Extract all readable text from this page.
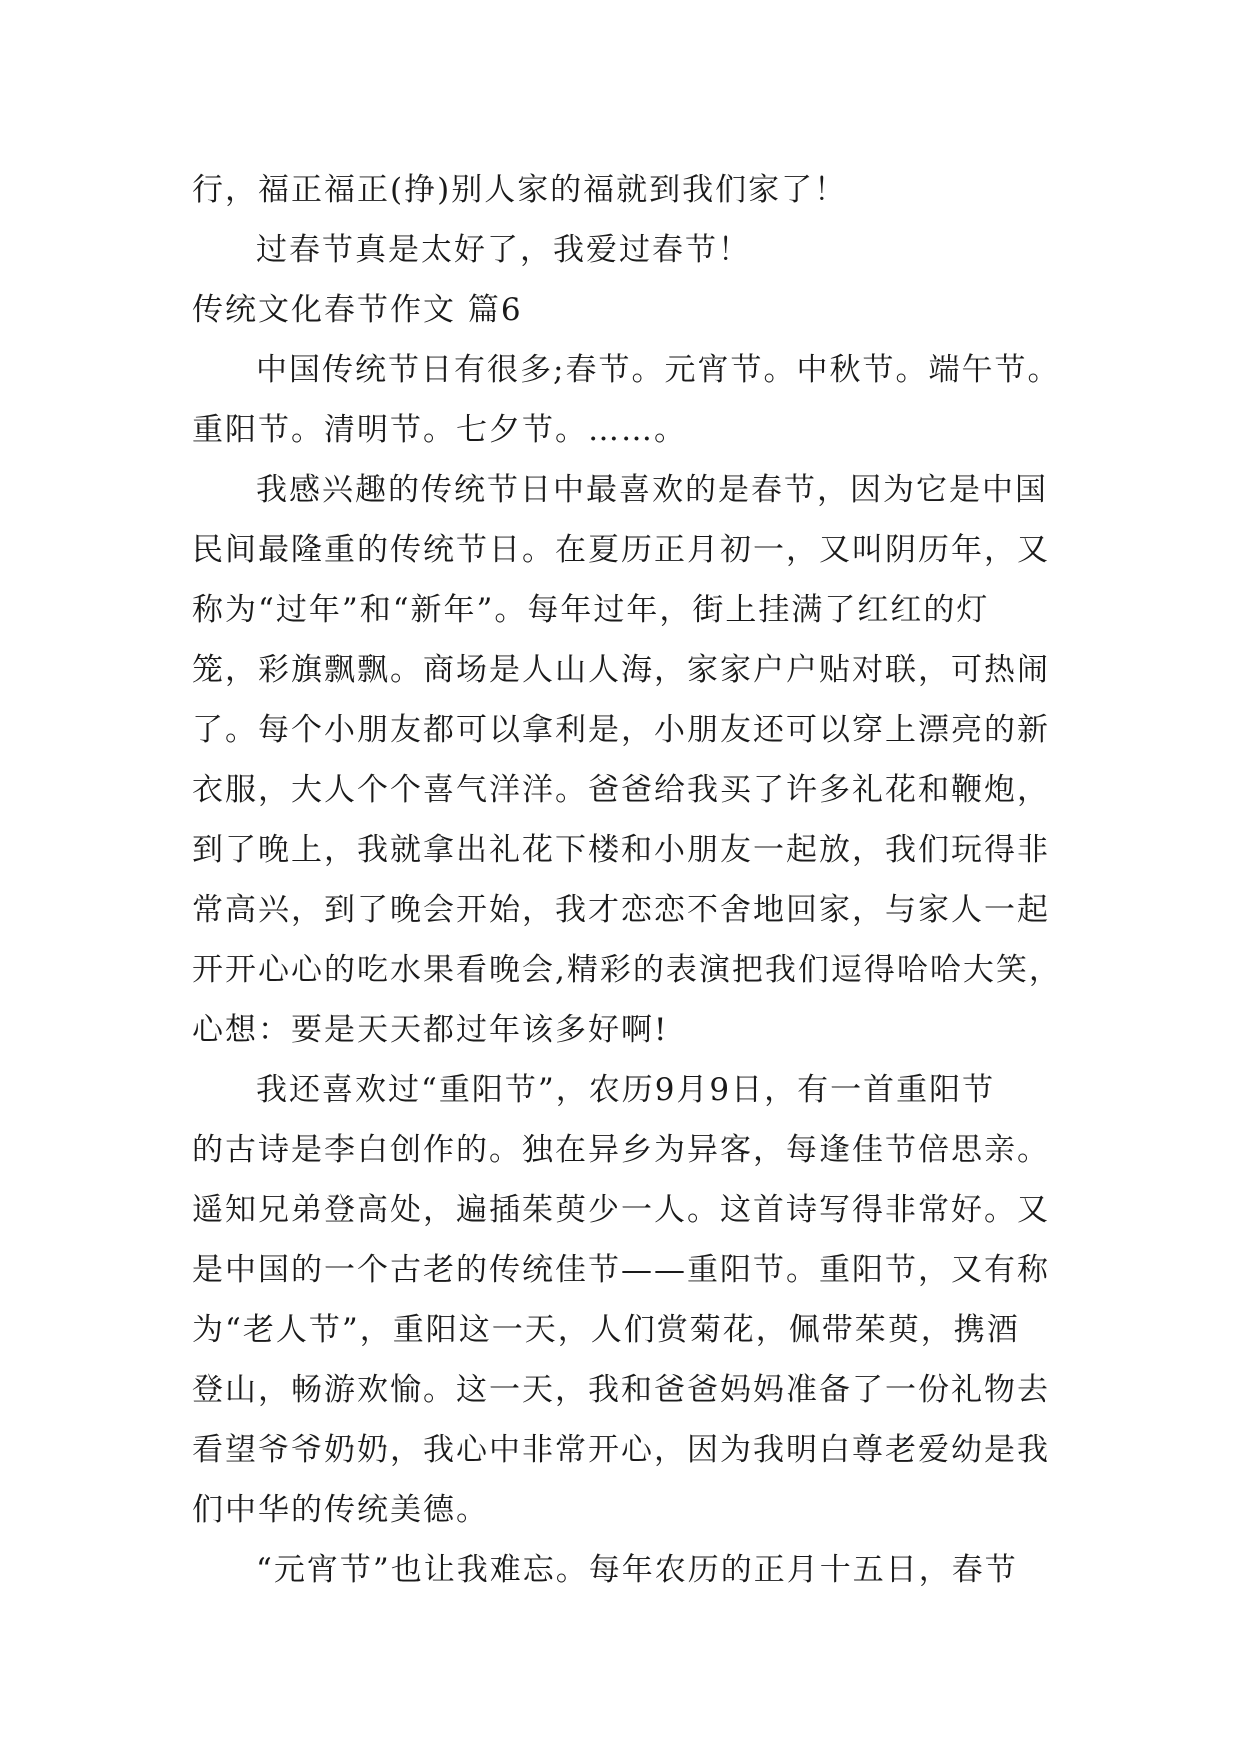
行，福正福正(挣)别人家的福就到我们家了！
过春节真是太好了，我爱过春节！
传统文化春节作文 篇6
中国传统节日有很多;春节。元宵节。中秋节。端午节。
重阳节。清明节。七夕节。……。
我感兴趣的传统节日中最喜欢的是春节，因为它是中国
民间最隆重的传统节日。在夏历正月初一，又叫阴历年，又
称为“过年”和“新年”。每年过年，街上挂满了红红的灯
笼，彩旗飘飘。商场是人山人海，家家户户贴对联，可热闹
了。每个小朋友都可以拿利是，小朋友还可以穿上漂亮的新
衣服，大人个个喜气洋洋。爸爸给我买了许多礼花和鞭炮，
到了晚上，我就拿出礼花下楼和小朋友一起放，我们玩得非
常高兴，到了晚会开始，我才恋恋不舍地回家，与家人一起
开开心心的吃水果看晚会,精彩的表演把我们逗得哈哈大笑，
心想：要是天天都过年该多好啊!
我还喜欢过“重阳节”，农历9月9日，有一首重阳节
的古诗是李白创作的。独在异乡为异客，每逢佳节倍思亲。
遥知兄弟登高处，遍插茱萸少一人。这首诗写得非常好。又
是中国的一个古老的传统佳节——重阳节。重阳节，又有称
为“老人节”，重阳这一天，人们赏菊花，佩带茱萸，携酒
登山，畅游欢愉。这一天，我和爸爸妈妈准备了一份礼物去
看望爷爷奶奶，我心中非常开心，因为我明白尊老爱幼是我
们中华的传统美德。
“元宵节”也让我难忘。每年农历的正月十五日，春节
